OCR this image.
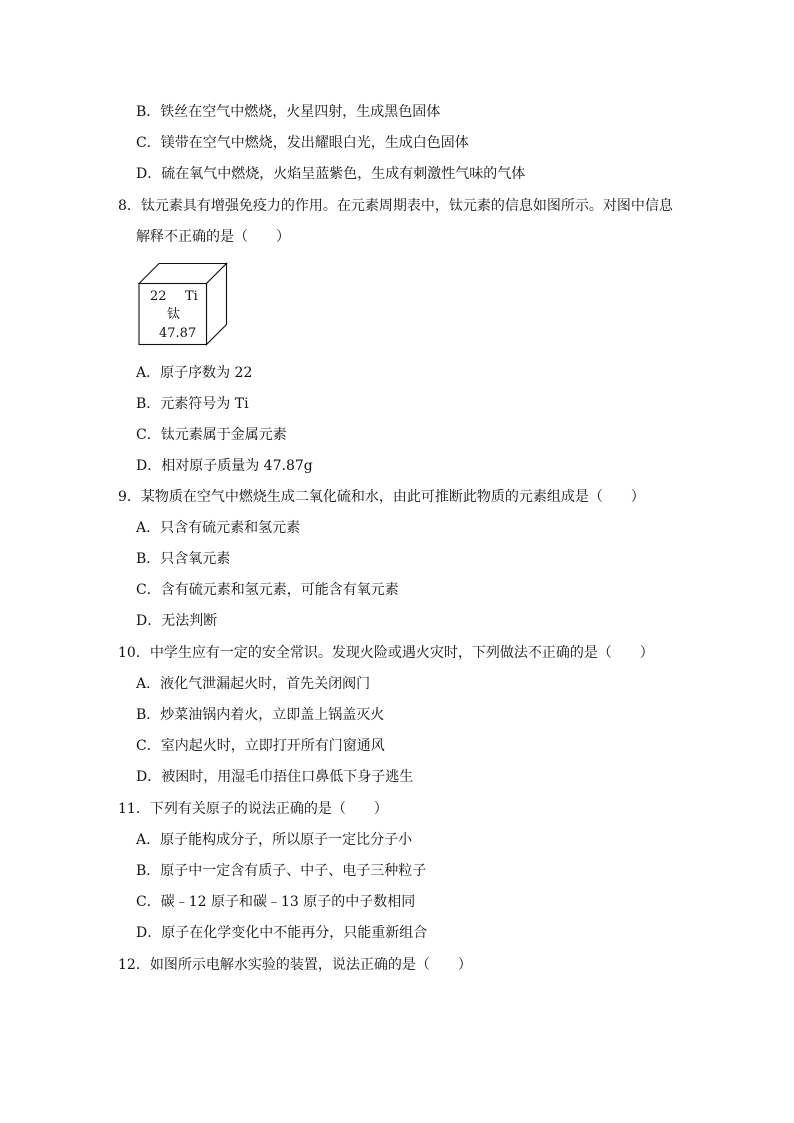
B．铁丝在空气中燃烧，火星四射，生成黑色固体
C．镁带在空气中燃烧，发出耀眼白光，生成白色固体
D．硫在氧气中燃烧，火焰呈蓝紫色，生成有刺激性气味的气体
8．钛元素具有增强免疫力的作用。在元素周期表中，钛元素的信息如图所示。对图中信息
解释不正确的是（　　）
22 Ti
钛
47.87
A．原子序数为 22
B．元素符号为 Ti
C．钛元素属于金属元素
D．相对原子质量为 47.87g
9．某物质在空气中燃烧生成二氧化硫和水，由此可推断此物质的元素组成是（　　）
A．只含有硫元素和氢元素
B．只含氧元素
C．含有硫元素和氢元素，可能含有氧元素
D．无法判断
10．中学生应有一定的安全常识。发现火险或遇火灾时，下列做法不正确的是（　　）
A．液化气泄漏起火时，首先关闭阀门
B．炒菜油锅内着火，立即盖上锅盖灭火
C．室内起火时，立即打开所有门窗通风
D．被困时，用湿毛巾捂住口鼻低下身子逃生
11．下列有关原子的说法正确的是（　　）
A．原子能构成分子，所以原子一定比分子小
B．原子中一定含有质子、中子、电子三种粒子
C．碳﹣12 原子和碳﹣13 原子的中子数相同
D．原子在化学变化中不能再分，只能重新组合
12．如图所示电解水实验的装置，说法正确的是（　　）
